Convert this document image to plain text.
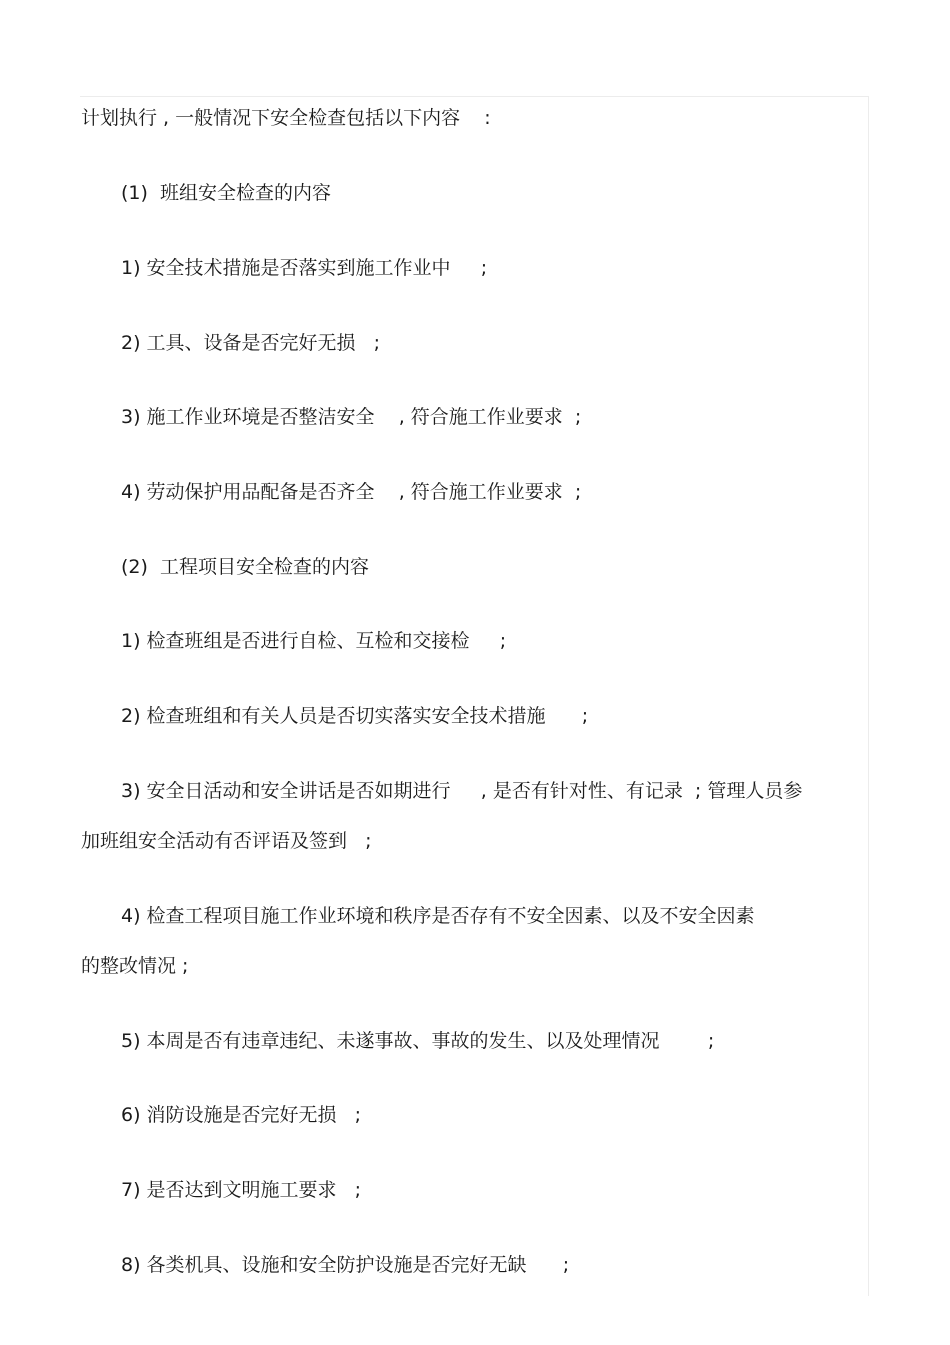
计划执行 , 一般情况下安全检查包括以下内容    :
(1)  班组安全检查的内容
1) 安全技术措施是否落实到施工作业中     ;
2) 工具、设备是否完好无损   ;
3) 施工作业环境是否整洁安全    , 符合施工作业要求  ;
4) 劳动保护用品配备是否齐全    , 符合施工作业要求  ;
(2)  工程项目安全检查的内容
1) 检查班组是否进行自检、互检和交接检     ;
2) 检查班组和有关人员是否切实落实安全技术措施      ;
3) 安全日活动和安全讲话是否如期进行     , 是否有针对性、有记录  ; 管理人员参
加班组安全活动有否评语及签到   ;
4) 检查工程项目施工作业环境和秩序是否存有不安全因素、以及不安全因素
的整改情况 ;
5) 本周是否有违章违纪、未遂事故、事故的发生、以及处理情况        ;
6) 消防设施是否完好无损   ;
7) 是否达到文明施工要求   ;
8) 各类机具、设施和安全防护设施是否完好无缺      ;
